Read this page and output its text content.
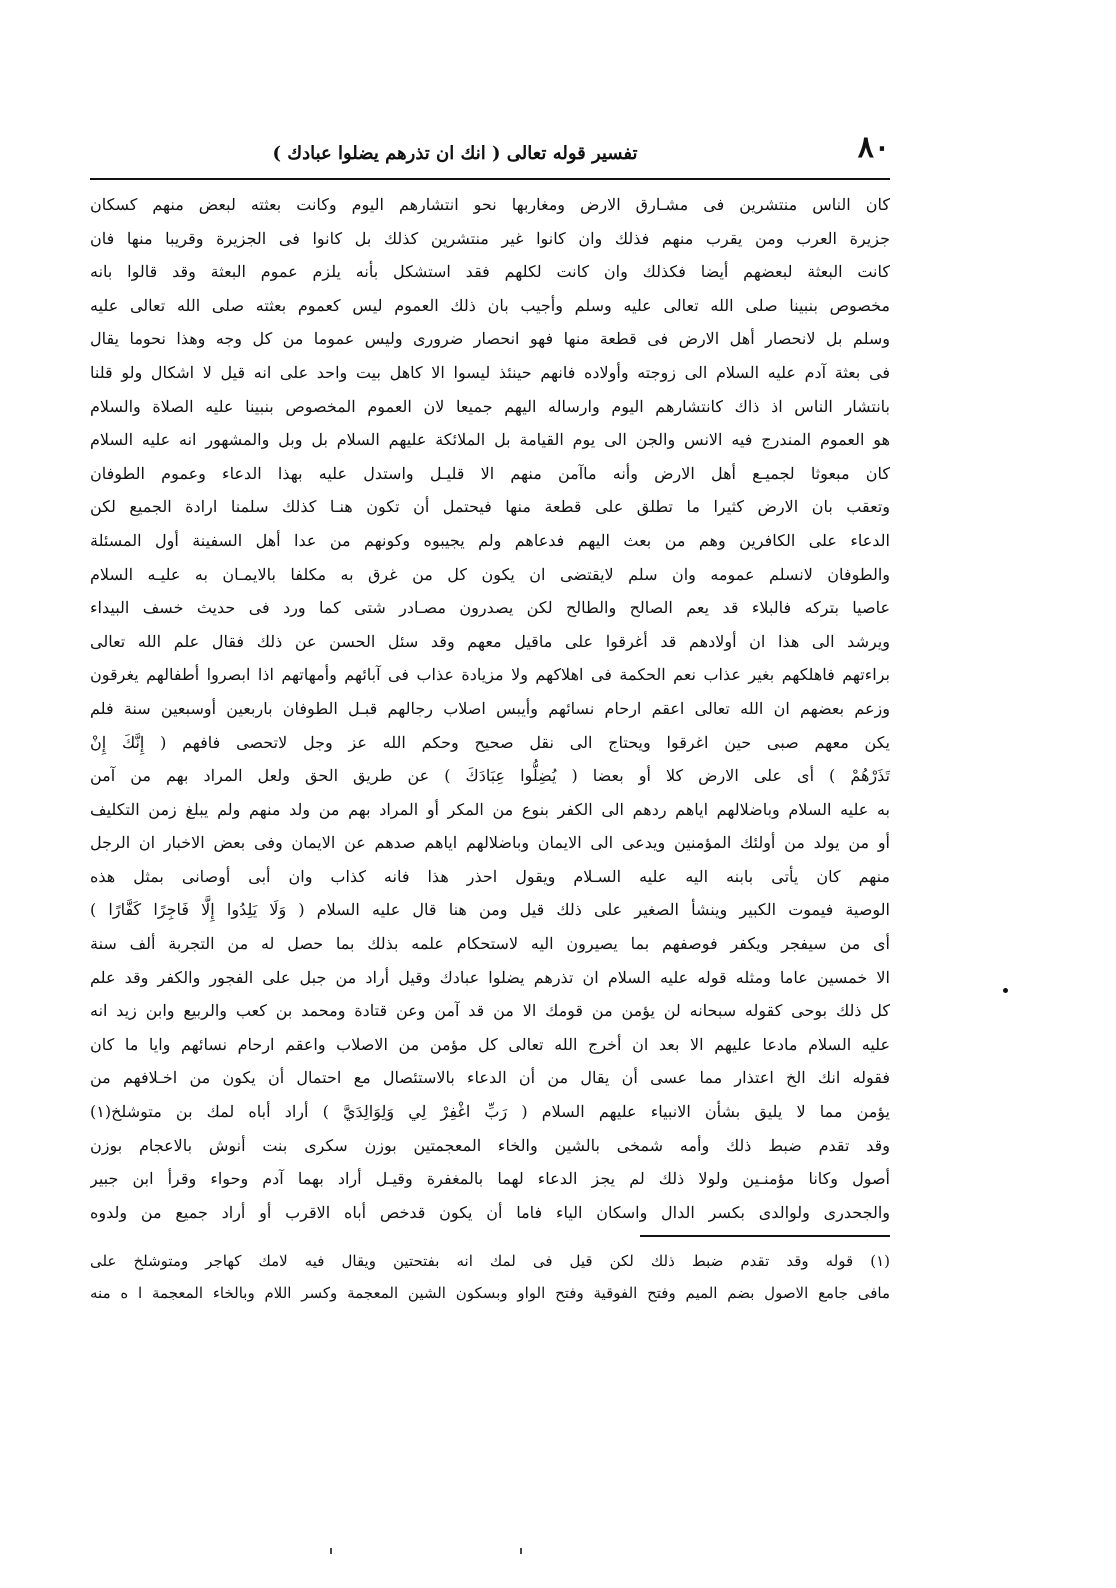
٨٠
تفسير قوله تعالى ( انك ان تذرهم يضلوا عبادك )
كان الناس منتشرين فى مشـارق الارض ومغاربها نحو انتشارهم اليوم وكانت بعثته لبعض منهم كسكان
جزيرة العرب ومن يقرب منهم فذلك وان كانوا غير منتشرين كذلك بل كانوا فى الجزيرة وقريبا منها فان
كانت البعثة لبعضهم أيضا فكذلك وان كانت لكلهم فقد استشكل بأنه يلزم عموم البعثة وقد قالوا بانه
مخصوص بنبينا صلى الله تعالى عليه وسلم وأجيب بان ذلك العموم ليس كعموم بعثته صلى الله تعالى عليه
وسلم بل لانحصار أهل الارض فى قطعة منها فهو انحصار ضرورى وليس عموما من كل وجه وهذا نحوما يقال
فى بعثة آدم عليه السلام الى زوجته وأولاده فانهم حينئذ ليسوا الا كاهل بيت واحد على انه قيل لا اشكال ولو قلنا
بانتشار الناس اذ ذاك كانتشارهم اليوم وارساله اليهم جميعا لان العموم المخصوص بنبينا عليه الصلاة والسلام
هو العموم المندرج فيه الانس والجن الى يوم القيامة بل الملائكة عليهم السلام بل وبل والمشهور انه عليه السلام
كان مبعوثا لجميـع أهل الارض وأنه ماآمن منهم الا قليـل واستدل عليه بهذا الدعاء وعموم الطوفان
وتعقب بان الارض كثيرا ما تطلق على قطعة منها فيحتمل أن تكون هنـا كذلك سلمنا ارادة الجميع لكن
الدعاء على الكافرين وهم من بعث اليهم فدعاهم ولم يجيبوه وكونهم من عدا أهل السفينة أول المسئلة
والطوفان لانسلم عمومه وان سلم لايقتضى ان يكون كل من غرق به مكلفا بالايمـان به عليـه السلام
عاصيا بتركه فالبلاء قد يعم الصالح والطالح لكن يصدرون مصـادر شتى كما ورد فى حديث خسف البيداء
ويرشد الى هذا ان أولادهم قد أغرقوا على ماقيل معهم وقد سئل الحسن عن ذلك فقال علم الله تعالى
براءتهم فاهلكهم بغير عذاب نعم الحكمة فى اهلاكهم ولا مزيادة عذاب فى آبائهم وأمهاتهم اذا ابصروا أطفالهم يغرقون
وزعم بعضهم ان الله تعالى اعقم ارحام نسائهم وأيبس اصلاب رجالهم قبـل الطوفان باربعين أوسبعين سنة فلم
يكن معهم صبى حين اغرقوا ويحتاج الى نقل صحيح وحكم الله عز وجل لاتحصى فافهم ( إِنَّكَ إِنْ
تَذَرْهُمْ ) أى على الارض كلا أو بعضا ( يُضِلُّوا عِبَادَكَ ) عن طريق الحق ولعل المراد بهم من آمن
به عليه السلام وباضلالهم اياهم ردهم الى الكفر بنوع من المكر أو المراد بهم من ولد منهم ولم يبلغ زمن التكليف
أو من يولد من أولئك المؤمنين ويدعى الى الايمان وباضلالهم اياهم صدهم عن الايمان وفى بعض الاخبار ان الرجل
منهم كان يأتى بابنه اليه عليه السـلام ويقول احذر هذا فانه كذاب وان أبى أوصانى بمثل هذه
الوصية فيموت الكبير وينشأ الصغير على ذلك قيل ومن هنا قال عليه السلام ( وَلَا يَلِدُوا إِلَّا فَاجِرًا كَفَّارًا )
أى من سيفجر ويكفر فوصفهم بما يصيرون اليه لاستحكام علمه بذلك بما حصل له من التجربة ألف سنة
الا خمسين عاما ومثله قوله عليه السلام ان تذرهم يضلوا عبادك وقيل أراد من جبل على الفجور والكفر وقد علم
كل ذلك بوحى كقوله سبحانه لن يؤمن من قومك الا من قد آمن وعن قتادة ومحمد بن كعب والربيع وابن زيد انه
عليه السلام مادعا عليهم الا بعد ان أخرج الله تعالى كل مؤمن من الاصلاب واعقم ارحام نسائهم وايا ما كان
فقوله انك الخ اعتذار مما عسى أن يقال من أن الدعاء بالاستئصال مع احتمال أن يكون من اخـلافهم من
يؤمن مما لا يليق بشأن الانبياء عليهم السلام ( رَبِّ اغْفِرْ لِي وَلِوَالِدَيَّ ) أراد أباه لمك بن متوشلخ(١)
وقد تقدم ضبط ذلك وأمه شمخى بالشين والخاء المعجمتين بوزن سكرى بنت أنوش بالاعجام بوزن
أصول وكانا مؤمنـين ولولا ذلك لم يجز الدعاء لهما بالمغفرة وقيـل أراد بهما آدم وحواء وقرأ ابن جبير
والجحدرى ولوالدى بكسر الدال واسكان الياء فاما أن يكون قدخص أباه الاقرب أو أراد جميع من ولدوه
(١) قوله وقد تقدم ضبط ذلك لكن قيل فى لمك انه بفتحتين ويقال فيه لامك كهاجر ومتوشلخ على
مافى جامع الاصول بضم الميم وفتح الفوقية وفتح الواو وبسكون الشين المعجمة وكسر اللام وبالخاء المعجمة ا ه منه
